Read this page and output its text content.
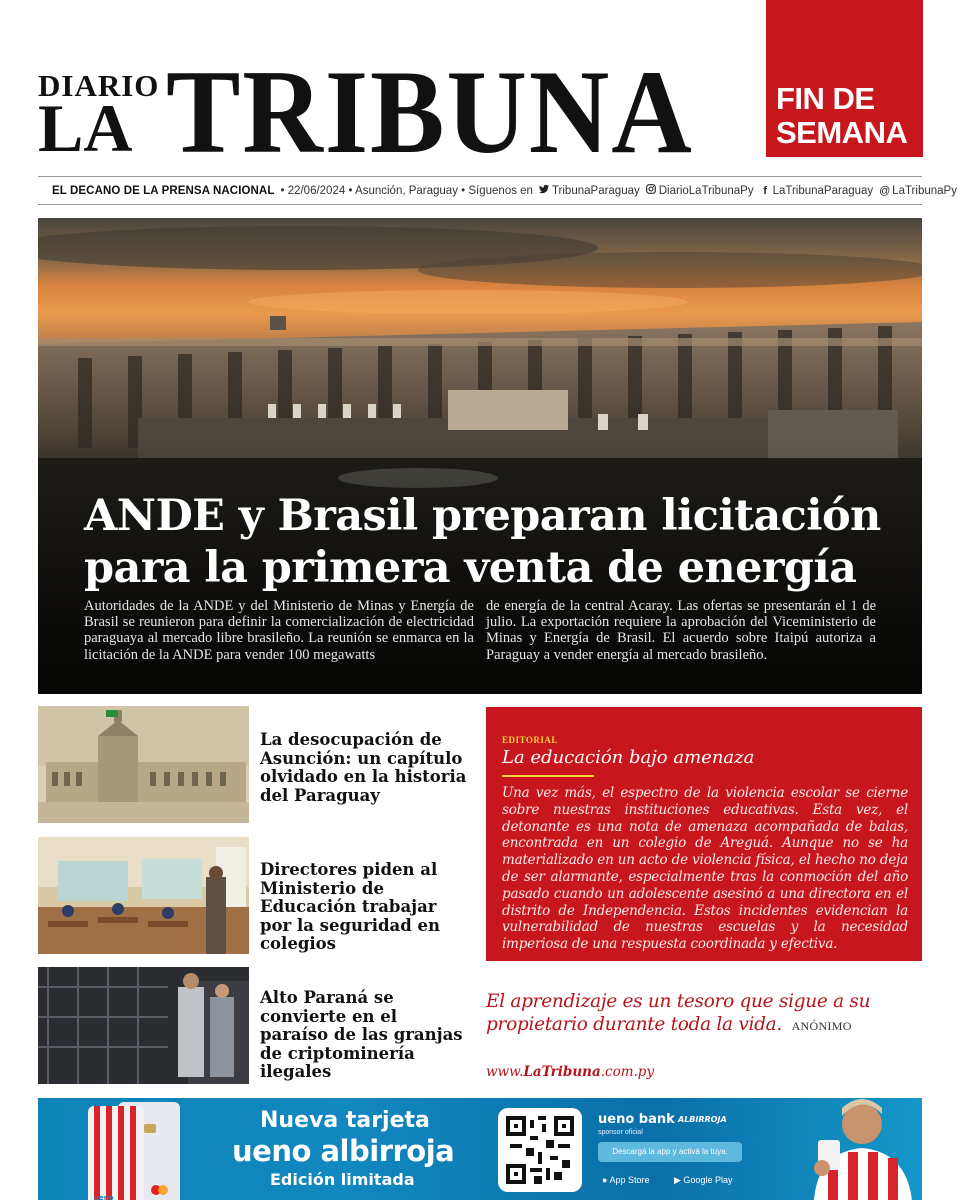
DIARIO
LA TRIBUNA	FIN DE
SEMANA
EL DECANO DE LA PRENSA NACIONAL • 22/06/2024 • Asunción, Paraguay • Síguenos en TribunaParaguay DiarioLaTribunaPy f LaTribunaParaguay @ LaTribunaPy
ANDE y Brasil preparan licitación para la primera venta de energía

Autoridades de la ANDE y del Ministerio de Minas y Energía de Brasil se reunieron para definir la comercialización de electricidad paraguaya al mercado libre brasileño. La reunión se enmarca en la licitación de la ANDE para vender 100 megawatts

de energía de la central Acaray. Las ofertas se presentarán el 1 de julio. La exportación requiere la aprobación del Viceministerio de Minas y Energía de Brasil. El acuerdo sobre Itaipú autoriza a Paraguay a vender energía al mercado brasileño.

La desocupación de Asunción: un capítulo olvidado en la historia del Paraguay
Directores piden al Ministerio de Educación trabajar por la seguridad en colegios
Alto Paraná se convierte en el paraíso de las granjas de criptominería ilegales
EDITORIAL
La educación bajo amenaza

Una vez más, el espectro de la violencia escolar se cierne sobre nuestras instituciones educativas. Esta vez, el detonante es una nota de amenaza acompañada de balas, encontrada en un colegio de Areguá. Aunque no se ha materializado en un acto de violencia física, el hecho no deja de ser alarmante, especialmente tras la conmoción del año pasado cuando un adolescente asesinó a una directora en el distrito de Independencia. Estos incidentes evidencian la vulnerabilidad de nuestras escuelas y la necesidad imperiosa de una respuesta coordinada y efectiva.

El aprendizaje es un tesoro que sigue a su propietario durante toda la vida. ANÓNIMO
www.LaTribuna.com.py
ueno
Nueva tarjeta
ueno albirroja
Edición limitada
ueno bank
sponsor oficial
ALBIRROJA
Descargá la app y activá la tuya.
● App Store	▶ Google Play
